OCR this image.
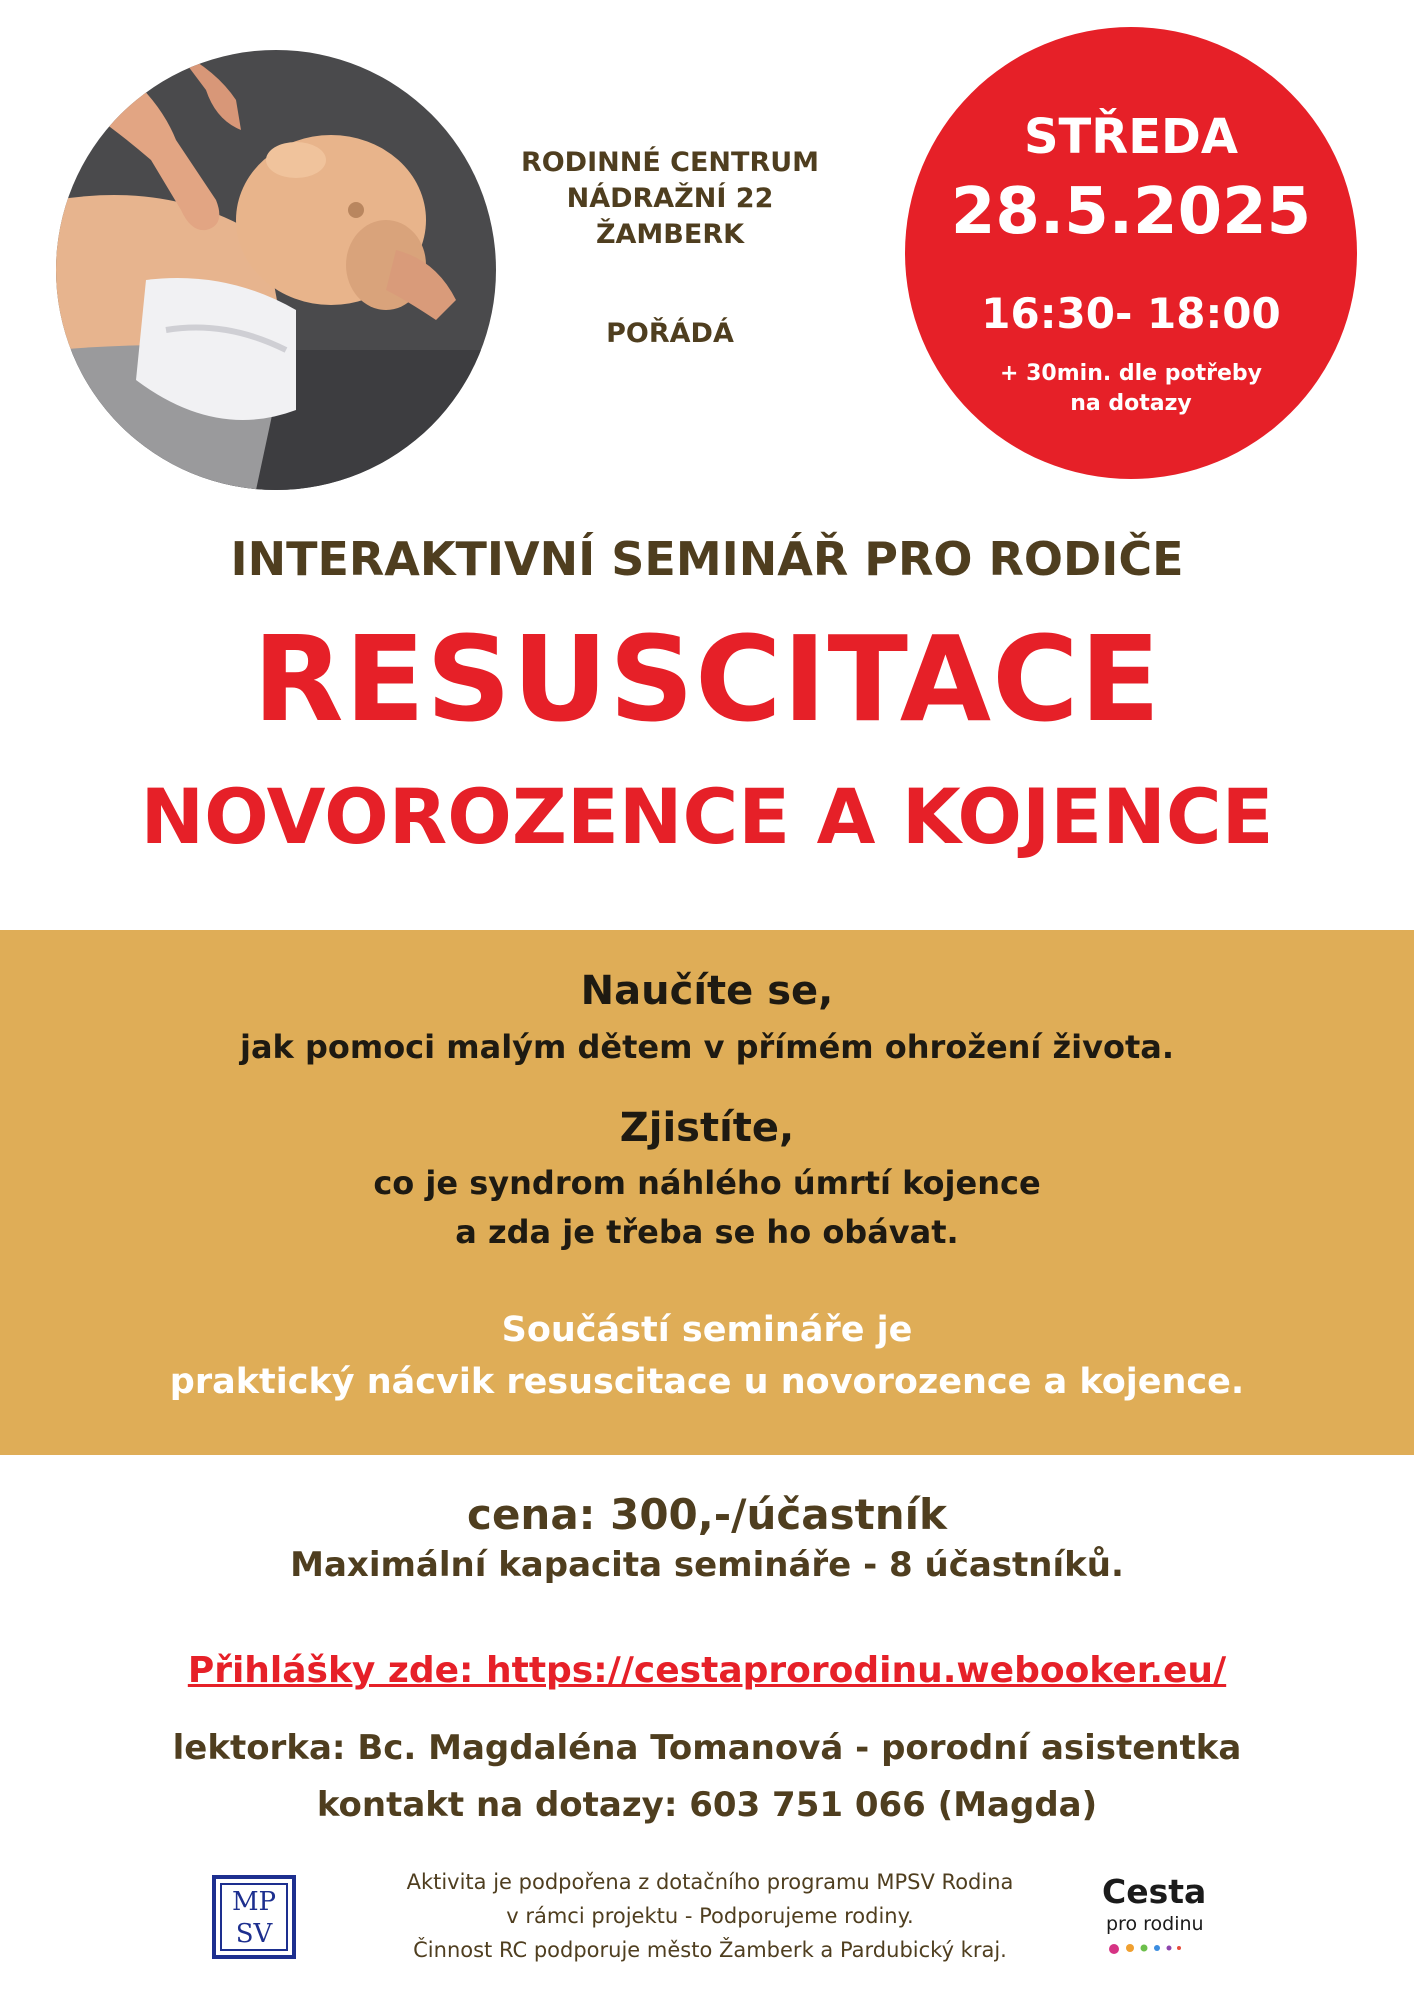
RODINNÉ CENTRUM
NÁDRAŽNÍ 22
ŽAMBERK
POŘÁDÁ
STŘEDA
28.5.2025
16:30- 18:00
+ 30min. dle potřeby
na dotazy
INTERAKTIVNÍ SEMINÁŘ PRO RODIČE
RESUSCITACE
NOVOROZENCE A KOJENCE
Naučíte se,
jak pomoci malým dětem v přímém ohrožení života.
Zjistíte,
co je syndrom náhlého úmrtí kojence
a zda je třeba se ho obávat.
Součástí semináře je
praktický nácvik resuscitace u novorozence a kojence.
cena: 300,-/účastník
Maximální kapacita semináře - 8 účastníků.
Přihlášky zde: https://cestaprorodinu.webooker.eu/
lektorka: Bc. Magdaléna Tomanová - porodní asistentka
kontakt na dotazy: 603 751 066 (Magda)
MP
SV
Aktivita je podpořena z dotačního programu MPSV Rodina
v rámci projektu - Podporujeme rodiny.
Činnost RC podporuje město Žamberk a Pardubický kraj.
Cesta
pro rodinu
